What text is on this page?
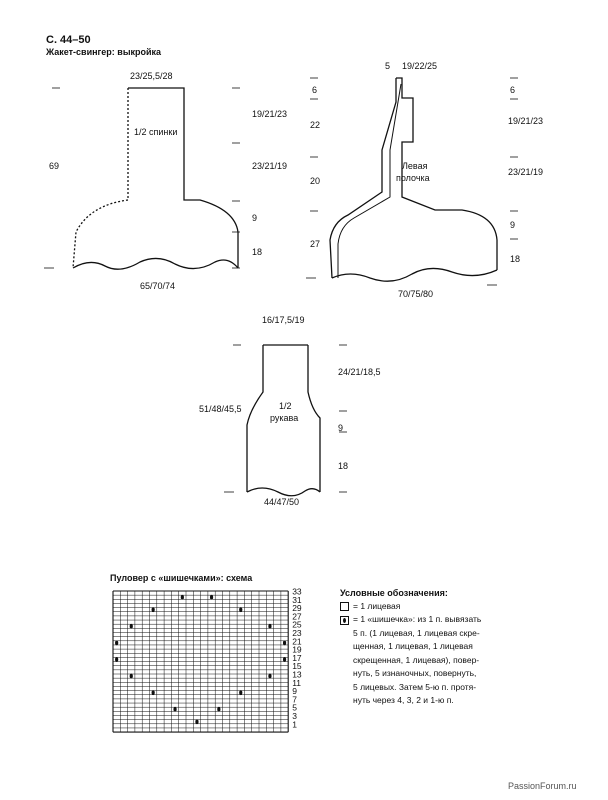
С. 44–50
Жакет-свингер: выкройка
23/25,5/28
1/2 спинки
69
65/70/74
19/21/23
23/21/19
9
18
5 19/22/25
Левая
полочка
6
22
20
27
6
19/21/23
23/21/19
9
18
70/75/80
16/17,5/19
1/2
рукава
51/48/45,5
24/21/18,5
9
18
44/47/50
Пуловер с «шишечками»: схема
33
31
29
27
25
23
21
19
17
15
13
11
9
7
5
3
1
Условные обозначения:
= 1 лицевая
= 1 «шишечка»: из 1 п. вывязать
5 п. (1 лицевая, 1 лицевая скре-
щенная, 1 лицевая, 1 лицевая
скрещенная, 1 лицевая), повер-
нуть, 5 изнаночных, повернуть,
5 лицевых. Затем 5-ю п. протя-
нуть через 4, 3, 2 и 1-ю п.
PassionForum.ru
